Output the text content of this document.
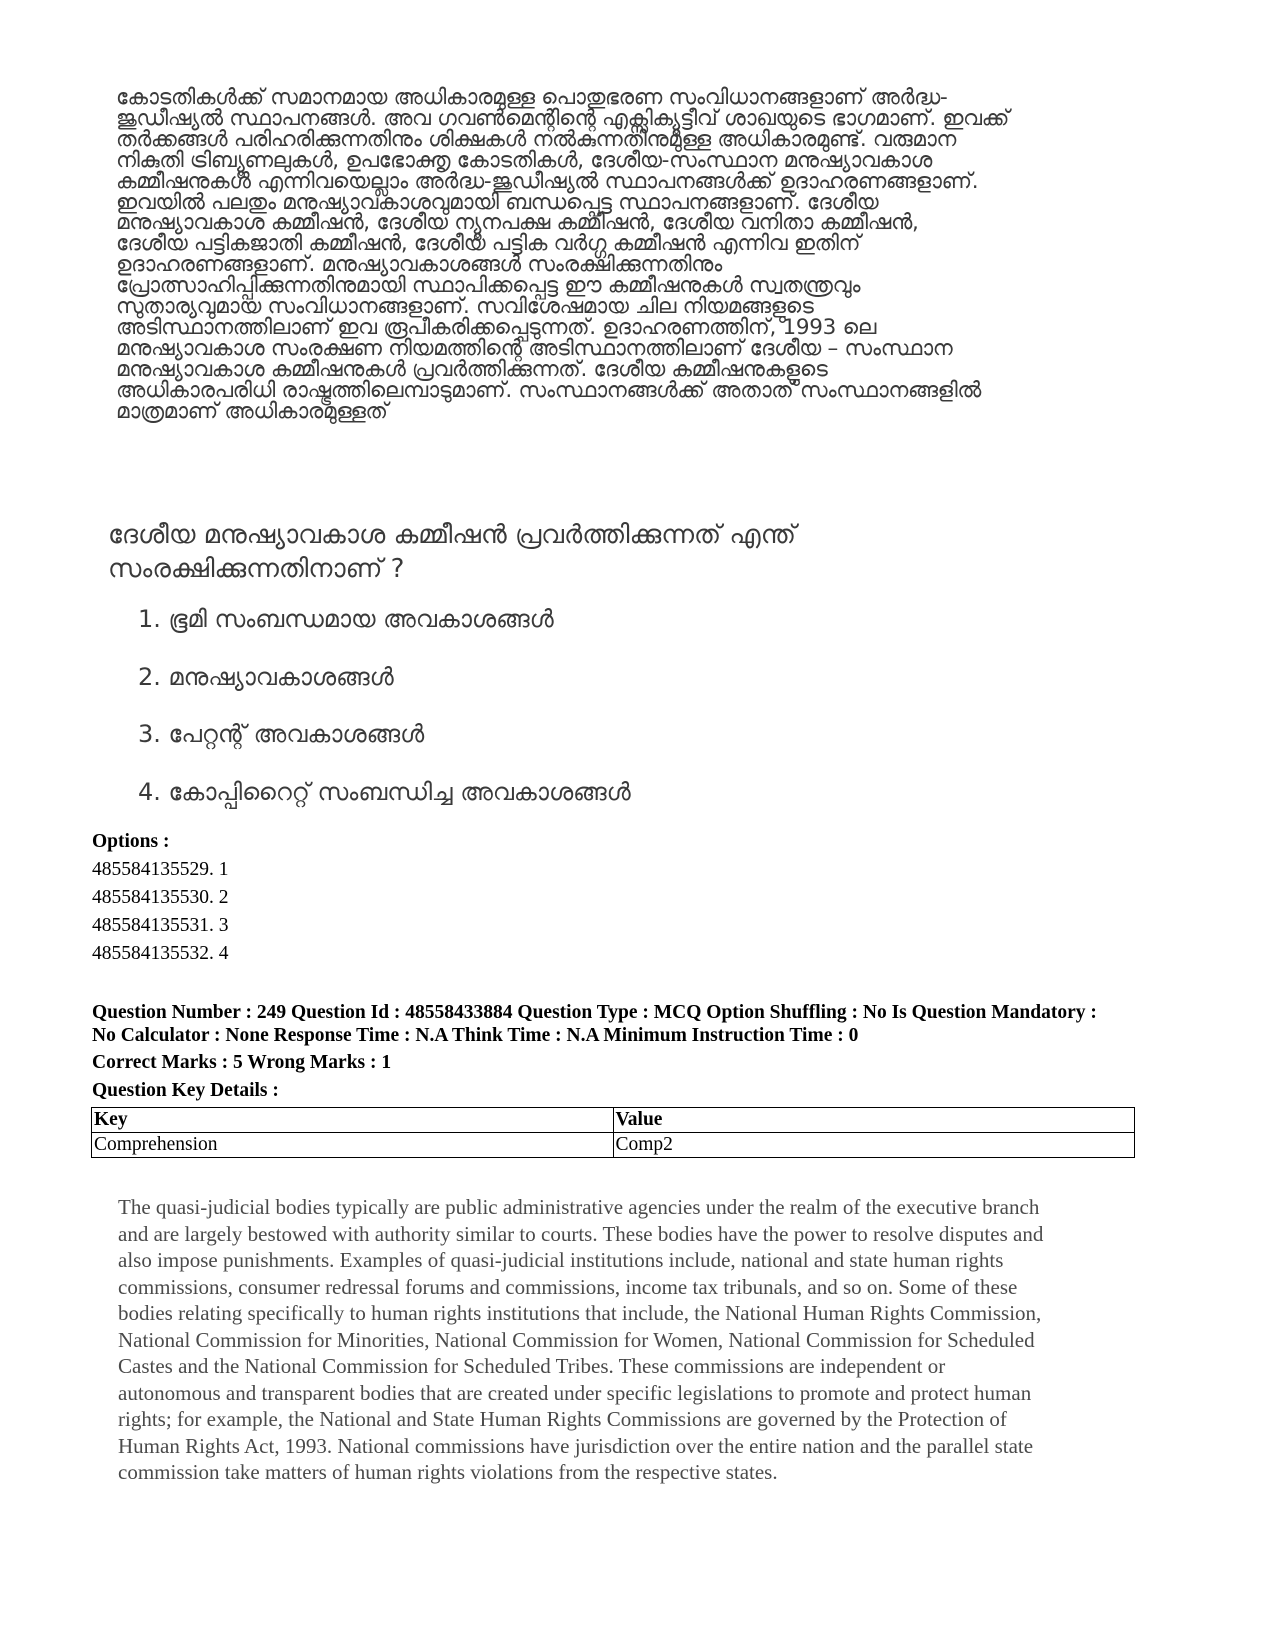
കോടതികൾക്ക് സമാനമായ അധികാരമുള്ള പൊതുഭരണ സംവിധാനങ്ങളാണ് അർദ്ധ-
ജുഡീഷ്യൽ സ്ഥാപനങ്ങൾ. അവ ഗവൺമെന്റിന്റെ എക്സിക്യൂട്ടീവ് ശാഖയുടെ ഭാഗമാണ്. ഇവക്ക്
തർക്കങ്ങൾ പരിഹരിക്കുന്നതിനും ശിക്ഷകൾ നൽകുന്നതിനുമുള്ള അധികാരമുണ്ട്. വരുമാന
നികുതി ട്രിബ്യൂണലുകൾ, ഉപഭോക്തൃ കോടതികൾ, ദേശീയ-സംസ്ഥാന മനുഷ്യാവകാശ
കമ്മീഷനുകൾ എന്നിവയെല്ലാം അർദ്ധ-ജുഡീഷ്യൽ സ്ഥാപനങ്ങൾക്ക് ഉദാഹരണങ്ങളാണ്.
ഇവയിൽ പലതും മനുഷ്യാവകാശവുമായി ബന്ധപ്പെട്ട സ്ഥാപനങ്ങളാണ്. ദേശീയ
മനുഷ്യാവകാശ കമ്മീഷൻ, ദേശീയ ന്യൂനപക്ഷ കമ്മീഷൻ, ദേശീയ വനിതാ കമ്മീഷൻ,
ദേശീയ പട്ടികജാതി കമ്മീഷൻ, ദേശീയ പട്ടിക വർഗ്ഗ കമ്മീഷൻ എന്നിവ ഇതിന്
ഉദാഹരണങ്ങളാണ്. മനുഷ്യാവകാശങ്ങൾ സംരക്ഷിക്കുന്നതിനും
പ്രോത്സാഹിപ്പിക്കുന്നതിനുമായി സ്ഥാപിക്കപ്പെട്ട ഈ കമ്മീഷനുകൾ സ്വതന്ത്രവും
സുതാര്യവുമായ സംവിധാനങ്ങളാണ്. സവിശേഷമായ ചില നിയമങ്ങളുടെ
അടിസ്ഥാനത്തിലാണ് ഇവ രൂപീകരിക്കപ്പെടുന്നത്. ഉദാഹരണത്തിന്, 1993 ലെ
മനുഷ്യാവകാശ സംരക്ഷണ നിയമത്തിന്റെ അടിസ്ഥാനത്തിലാണ് ദേശീയ – സംസ്ഥാന
മനുഷ്യാവകാശ കമ്മീഷനുകൾ പ്രവർത്തിക്കുന്നത്. ദേശീയ കമ്മീഷനുകളുടെ
അധികാരപരിധി രാഷ്ട്രത്തിലെമ്പാടുമാണ്. സംസ്ഥാനങ്ങൾക്ക് അതാത് സംസ്ഥാനങ്ങളിൽ
മാത്രമാണ് അധികാരമുള്ളത്
ദേശീയ മനുഷ്യാവകാശ കമ്മീഷൻ പ്രവർത്തിക്കുന്നത് എന്ത്
സംരക്ഷിക്കുന്നതിനാണ് ?
1. ഭൂമി സംബന്ധമായ അവകാശങ്ങൾ
2. മനുഷ്യാവകാശങ്ങൾ
3. പേറ്റന്റ് അവകാശങ്ങൾ
4. കോപ്പിറൈറ്റ് സംബന്ധിച്ച അവകാശങ്ങൾ
Options :
485584135529. 1
485584135530. 2
485584135531. 3
485584135532. 4
Question Number : 249 Question Id : 48558433884 Question Type : MCQ Option Shuffling : No Is Question Mandatory :
No Calculator : None Response Time : N.A Think Time : N.A Minimum Instruction Time : 0
Correct Marks : 5 Wrong Marks : 1
Question Key Details :
Key	Value
Comprehension	Comp2
The quasi-judicial bodies typically are public administrative agencies under the realm of the executive branch
and are largely bestowed with authority similar to courts. These bodies have the power to resolve disputes and
also impose punishments. Examples of quasi-judicial institutions include, national and state human rights
commissions, consumer redressal forums and commissions, income tax tribunals, and so on. Some of these
bodies relating specifically to human rights institutions that include, the National Human Rights Commission,
National Commission for Minorities, National Commission for Women, National Commission for Scheduled
Castes and the National Commission for Scheduled Tribes. These commissions are independent or
autonomous and transparent bodies that are created under specific legislations to promote and protect human
rights; for example, the National and State Human Rights Commissions are governed by the Protection of
Human Rights Act, 1993. National commissions have jurisdiction over the entire nation and the parallel state
commission take matters of human rights violations from the respective states.
